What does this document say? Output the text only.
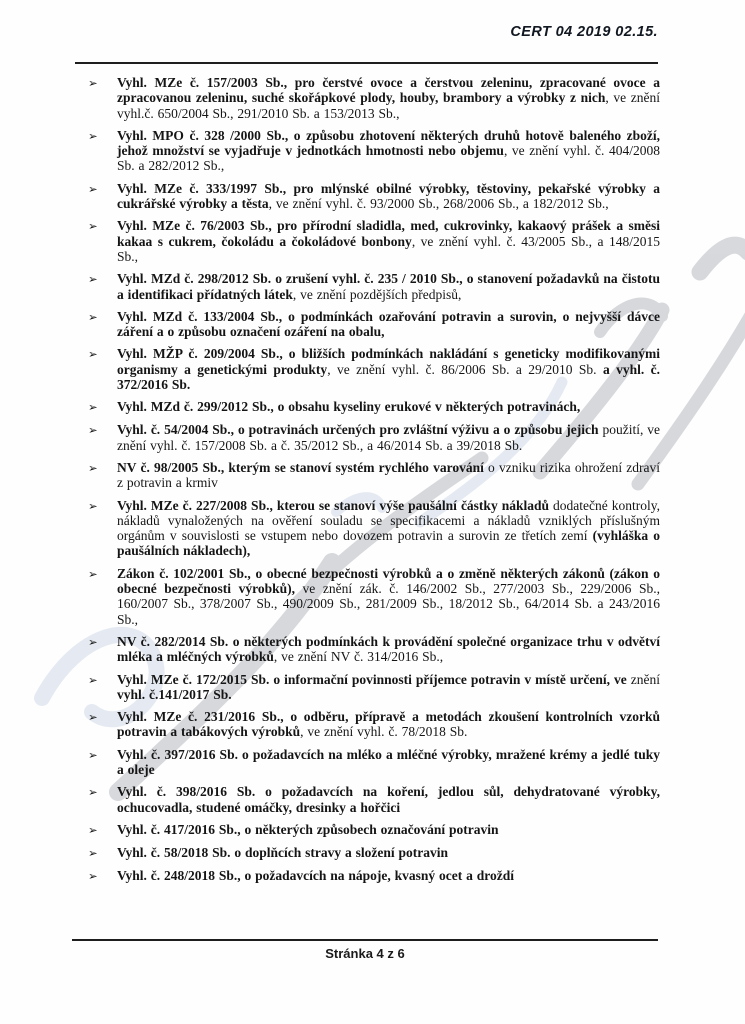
CERT 04 2019 02.15.
➢	Vyhl. MZe č. 157/2003 Sb., pro čerstvé ovoce a čerstvou zeleninu, zpracované ovoce a zpracovanou zeleninu, suché skořápkové plody, houby, brambory a výrobky z nich, ve znění vyhl.č. 650/2004 Sb., 291/2010 Sb. a 153/2013 Sb.,
➢	Vyhl. MPO č. 328 /2000 Sb., o způsobu zhotovení některých druhů hotově baleného zboží, jehož množství se vyjadřuje v jednotkách hmotnosti nebo objemu, ve znění vyhl. č. 404/2008 Sb. a 282/2012 Sb.,
➢	Vyhl. MZe č. 333/1997 Sb., pro mlýnské obilné výrobky, těstoviny, pekařské výrobky a cukrářské výrobky a těsta, ve znění vyhl. č. 93/2000 Sb., 268/2006 Sb., a 182/2012 Sb.,
➢	Vyhl. MZe č. 76/2003 Sb., pro přírodní sladidla, med, cukrovinky, kakaový prášek a směsi kakaa s cukrem, čokoládu a čokoládové bonbony, ve znění vyhl. č. 43/2005 Sb., a 148/2015 Sb.,
➢	Vyhl. MZd č. 298/2012 Sb. o zrušení vyhl. č. 235 / 2010 Sb., o stanovení požadavků na čistotu a identifikaci přídatných látek, ve znění pozdějších předpisů,
➢	Vyhl. MZd č. 133/2004 Sb., o podmínkách ozařování potravin a surovin, o nejvyšší dávce záření a o způsobu označení ozáření na obalu,
➢	Vyhl. MŽP č. 209/2004 Sb., o bližších podmínkách nakládání s geneticky modifikovanými organismy a genetickými produkty, ve znění vyhl. č. 86/2006 Sb. a 29/2010 Sb. a vyhl. č. 372/2016 Sb.
➢	Vyhl. MZd č. 299/2012 Sb., o obsahu kyseliny erukové v některých potravinách,
➢	Vyhl. č. 54/2004 Sb., o potravinách určených pro zvláštní výživu a o způsobu jejich použití, ve znění vyhl. č. 157/2008 Sb. a č. 35/2012 Sb., a 46/2014 Sb. a 39/2018 Sb.
➢	NV č. 98/2005 Sb., kterým se stanoví systém rychlého varování o vzniku rizika ohrožení zdraví z potravin a krmiv
➢	Vyhl. MZe č. 227/2008 Sb., kterou se stanoví výše paušální částky nákladů dodatečné kontroly, nákladů vynaložených na ověření souladu se specifikacemi a nákladů vzniklých příslušným orgánům v souvislosti se vstupem nebo dovozem potravin a surovin ze třetích zemí (vyhláška o paušálních nákladech),
➢	Zákon č. 102/2001 Sb., o obecné bezpečnosti výrobků a o změně některých zákonů (zákon o obecné bezpečnosti výrobků), ve znění zák. č. 146/2002 Sb., 277/2003 Sb., 229/2006 Sb., 160/2007 Sb., 378/2007 Sb., 490/2009 Sb., 281/2009 Sb., 18/2012 Sb., 64/2014 Sb. a 243/2016 Sb.,
➢	NV č. 282/2014 Sb. o některých podmínkách k provádění společné organizace trhu v odvětví mléka a mléčných výrobků, ve znění NV č. 314/2016 Sb.,
➢	Vyhl. MZe č. 172/2015 Sb. o informační povinnosti příjemce potravin v místě určení, ve znění vyhl. č.141/2017 Sb.
➢	Vyhl. MZe č. 231/2016 Sb., o odběru, přípravě a metodách zkoušení kontrolních vzorků potravin a tabákových výrobků, ve znění vyhl. č. 78/2018 Sb.
➢	Vyhl. č. 397/2016 Sb. o požadavcích na mléko a mléčné výrobky, mražené krémy a jedlé tuky a oleje
➢	Vyhl. č. 398/2016 Sb. o požadavcích na koření, jedlou sůl, dehydratované výrobky, ochucovadla, studené omáčky, dresinky a hořčici
➢	Vyhl. č. 417/2016 Sb., o některých způsobech označování potravin
➢	Vyhl. č. 58/2018 Sb. o doplňcích stravy a složení potravin
➢	Vyhl. č. 248/2018 Sb., o požadavcích na nápoje, kvasný ocet a droždí
Stránka 4 z 6
